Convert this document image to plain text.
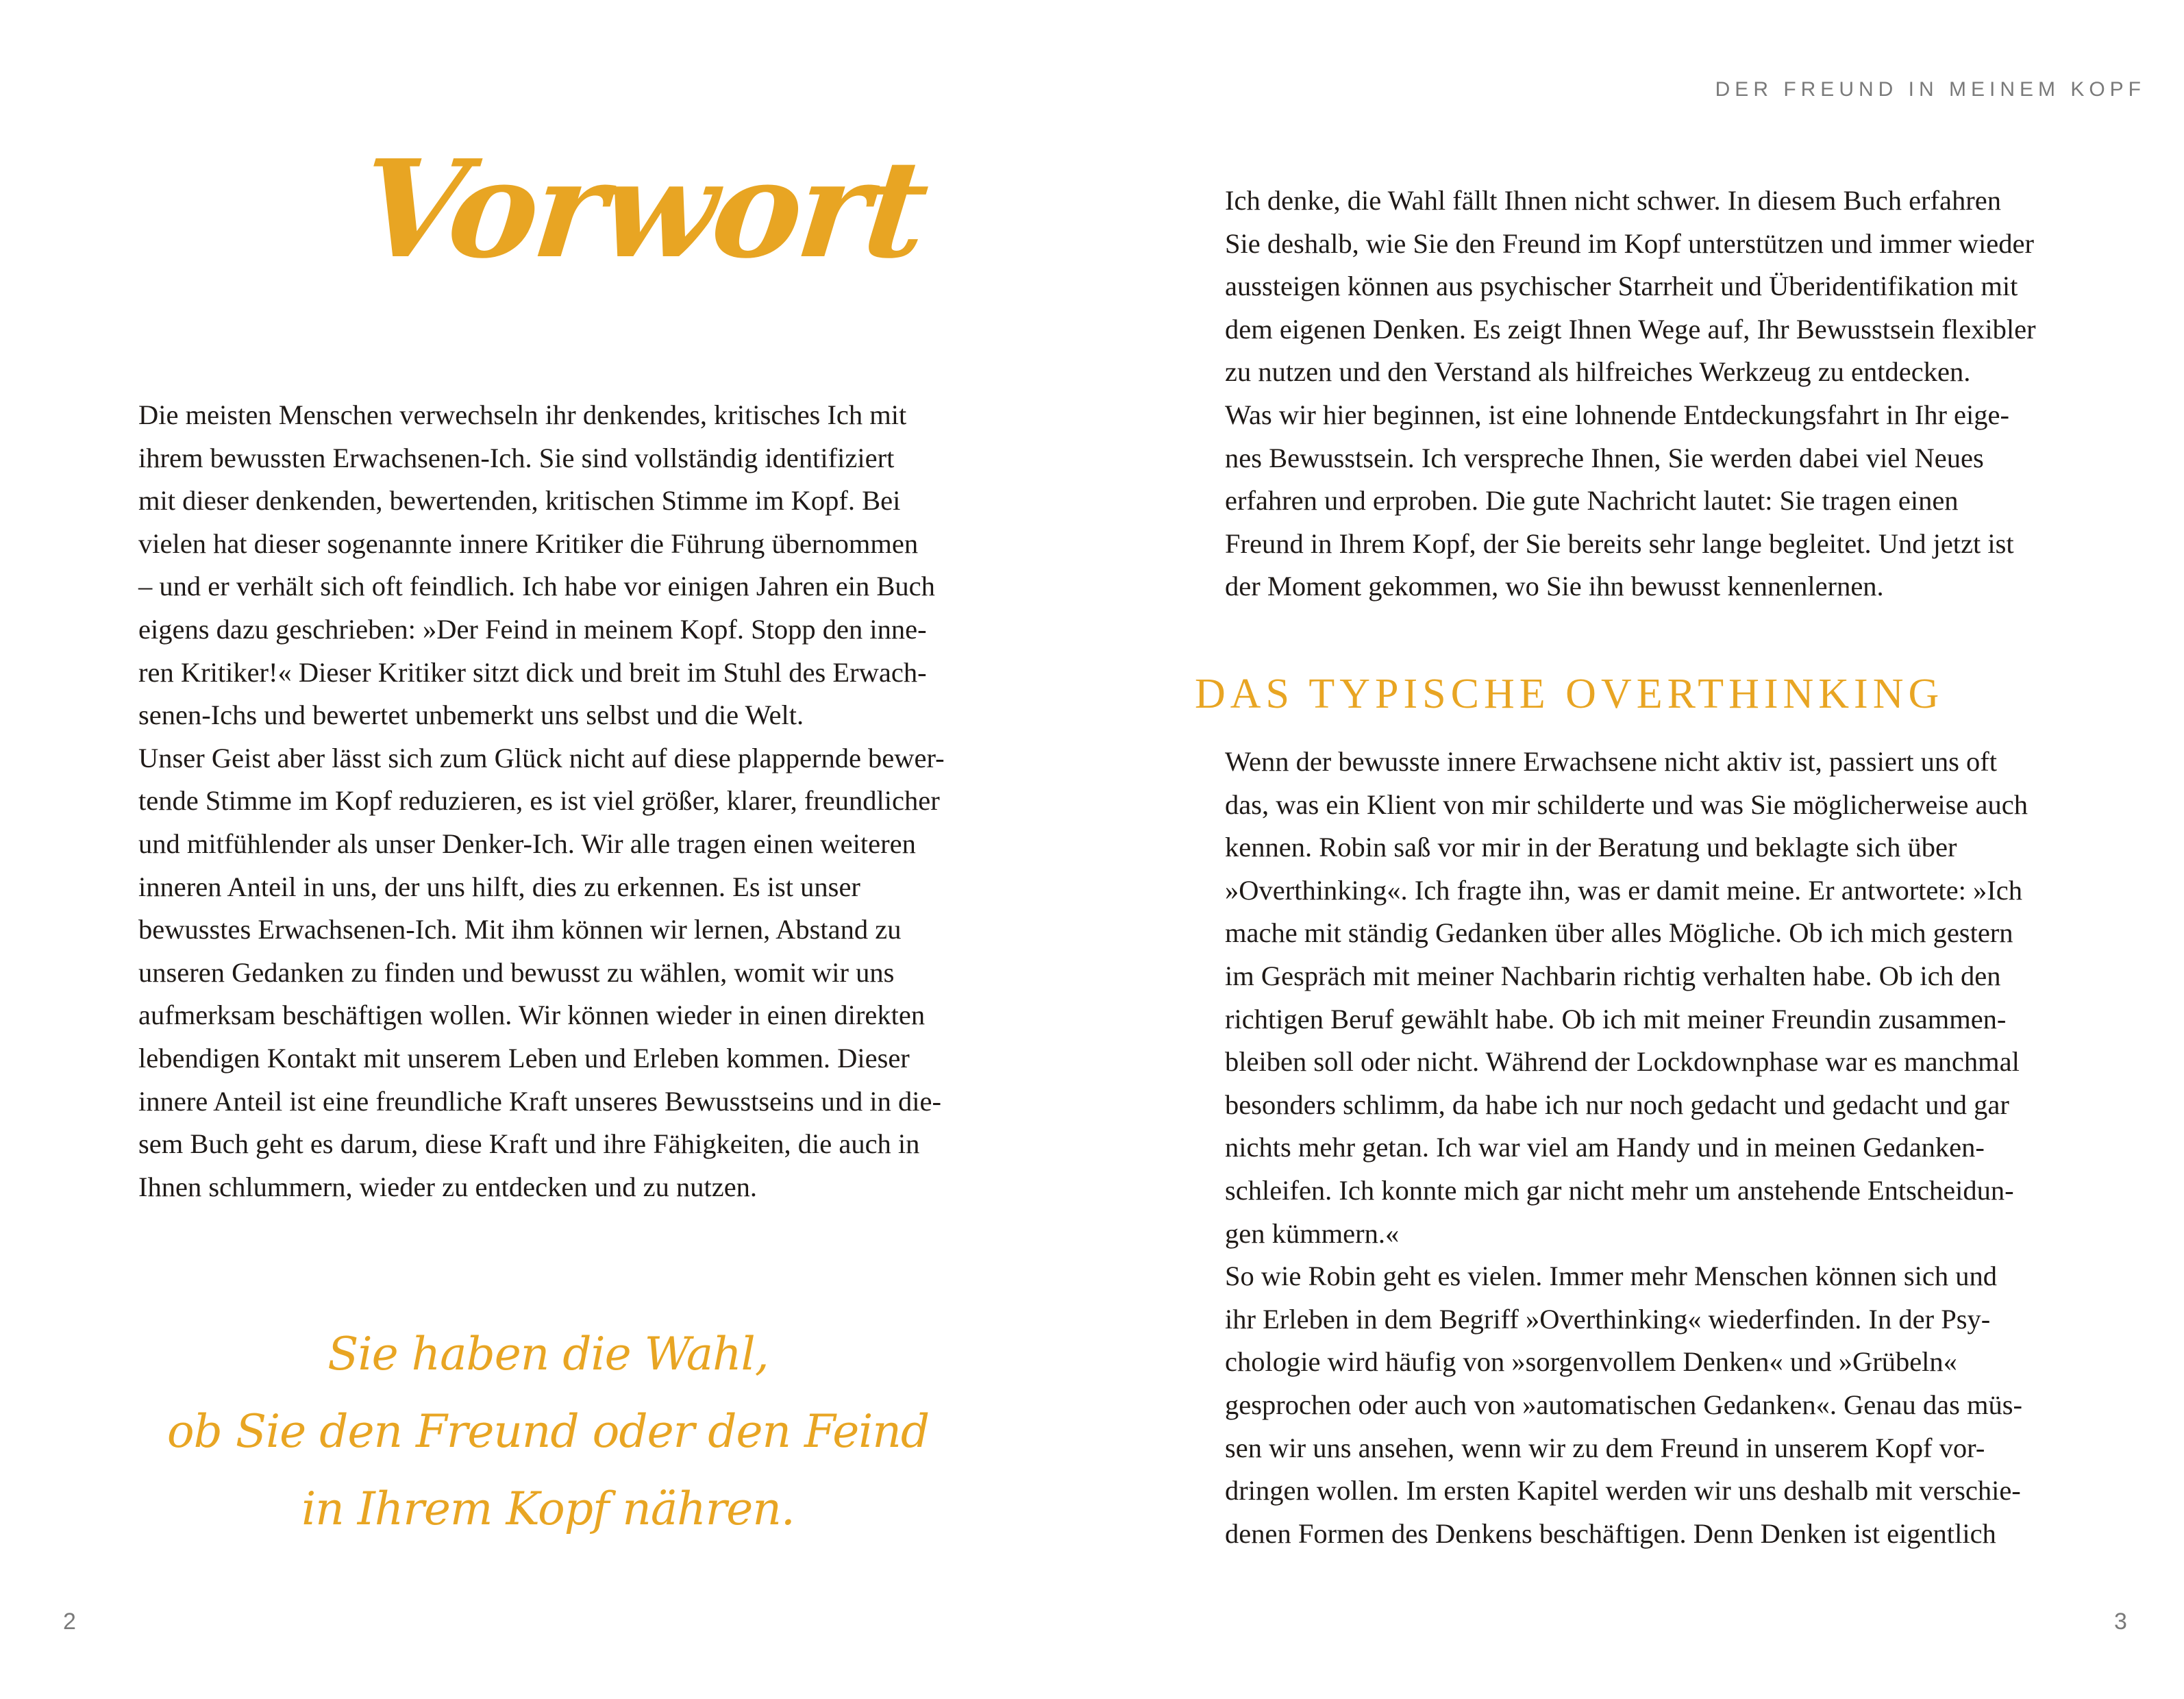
Vorwort
Die meisten Menschen verwechseln ihr denkendes, kritisches Ich mit
ihrem bewussten Erwachsenen-Ich. Sie sind vollständig identifiziert
mit dieser denkenden, bewertenden, kritischen Stimme im Kopf. Bei
vielen hat dieser sogenannte innere Kritiker die Führung übernommen
– und er verhält sich oft feindlich. Ich habe vor einigen Jahren ein Buch
eigens dazu geschrieben: »Der Feind in meinem Kopf. Stopp den inne-
ren Kritiker!« Dieser Kritiker sitzt dick und breit im Stuhl des Erwach-
senen-Ichs und bewertet unbemerkt uns selbst und die Welt.
Unser Geist aber lässt sich zum Glück nicht auf diese plappernde bewer-
tende Stimme im Kopf reduzieren, es ist viel größer, klarer, freundlicher
und mitfühlender als unser Denker-Ich. Wir alle tragen einen weiteren
inneren Anteil in uns, der uns hilft, dies zu erkennen. Es ist unser
bewusstes Erwachsenen-Ich. Mit ihm können wir lernen, Abstand zu
unseren Gedanken zu finden und bewusst zu wählen, womit wir uns
aufmerksam beschäftigen wollen. Wir können wieder in einen direkten
lebendigen Kontakt mit unserem Leben und Erleben kommen. Dieser
innere Anteil ist eine freundliche Kraft unseres Bewusstseins und in die-
sem Buch geht es darum, diese Kraft und ihre Fähigkeiten, die auch in
Ihnen schlummern, wieder zu entdecken und zu nutzen.
Sie haben die Wahl,
ob Sie den Freund oder den Feind
in Ihrem Kopf nähren.
2
DER FREUND IN MEINEM KOPF
Ich denke, die Wahl fällt Ihnen nicht schwer. In diesem Buch erfahren
Sie deshalb, wie Sie den Freund im Kopf unterstützen und immer wieder
aussteigen können aus psychischer Starrheit und Überidentifikation mit
dem eigenen Denken. Es zeigt Ihnen Wege auf, Ihr Bewusstsein flexibler
zu nutzen und den Verstand als hilfreiches Werkzeug zu entdecken.
Was wir hier beginnen, ist eine lohnende Entdeckungsfahrt in Ihr eige-
nes Bewusstsein. Ich verspreche Ihnen, Sie werden dabei viel Neues
erfahren und erproben. Die gute Nachricht lautet: Sie tragen einen
Freund in Ihrem Kopf, der Sie bereits sehr lange begleitet. Und jetzt ist
der Moment gekommen, wo Sie ihn bewusst kennenlernen.
DAS TYPISCHE OVERTHINKING
Wenn der bewusste innere Erwachsene nicht aktiv ist, passiert uns oft
das, was ein Klient von mir schilderte und was Sie möglicherweise auch
kennen. Robin saß vor mir in der Beratung und beklagte sich über
»Overthinking«. Ich fragte ihn, was er damit meine. Er antwortete: »Ich
mache mit ständig Gedanken über alles Mögliche. Ob ich mich gestern
im Gespräch mit meiner Nachbarin richtig verhalten habe. Ob ich den
richtigen Beruf gewählt habe. Ob ich mit meiner Freundin zusammen-
bleiben soll oder nicht. Während der Lockdownphase war es manchmal
besonders schlimm, da habe ich nur noch gedacht und gedacht und gar
nichts mehr getan. Ich war viel am Handy und in meinen Gedanken-
schleifen. Ich konnte mich gar nicht mehr um anstehende Entscheidun-
gen kümmern.«
So wie Robin geht es vielen. Immer mehr Menschen können sich und
ihr Erleben in dem Begriff »Overthinking« wiederfinden. In der Psy-
chologie wird häufig von »sorgenvollem Denken« und »Grübeln«
gesprochen oder auch von »automatischen Gedanken«. Genau das müs-
sen wir uns ansehen, wenn wir zu dem Freund in unserem Kopf vor-
dringen wollen. Im ersten Kapitel werden wir uns deshalb mit verschie-
denen Formen des Denkens beschäftigen. Denn Denken ist eigentlich
3
